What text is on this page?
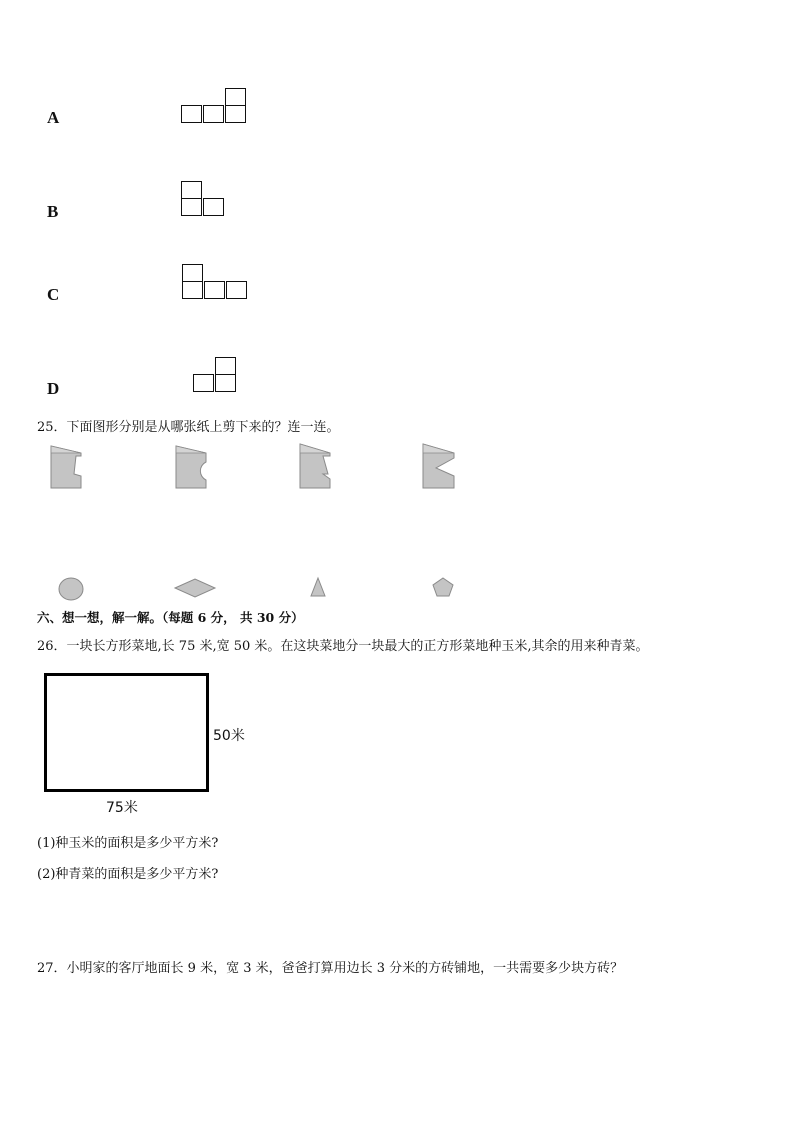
A
B
C
D
25．下面图形分别是从哪张纸上剪下来的？连一连。
六、想一想，解一解。（每题 6 分， 共 30 分）
26．一块长方形菜地,长 75 米,宽 50 米。在这块菜地分一块最大的正方形菜地种玉米,其余的用来种青菜。
50米
75米
(1)种玉米的面积是多少平方米?
(2)种青菜的面积是多少平方米?
27．小明家的客厅地面长 9 米，宽 3 米，爸爸打算用边长 3 分米的方砖铺地，一共需要多少块方砖？
